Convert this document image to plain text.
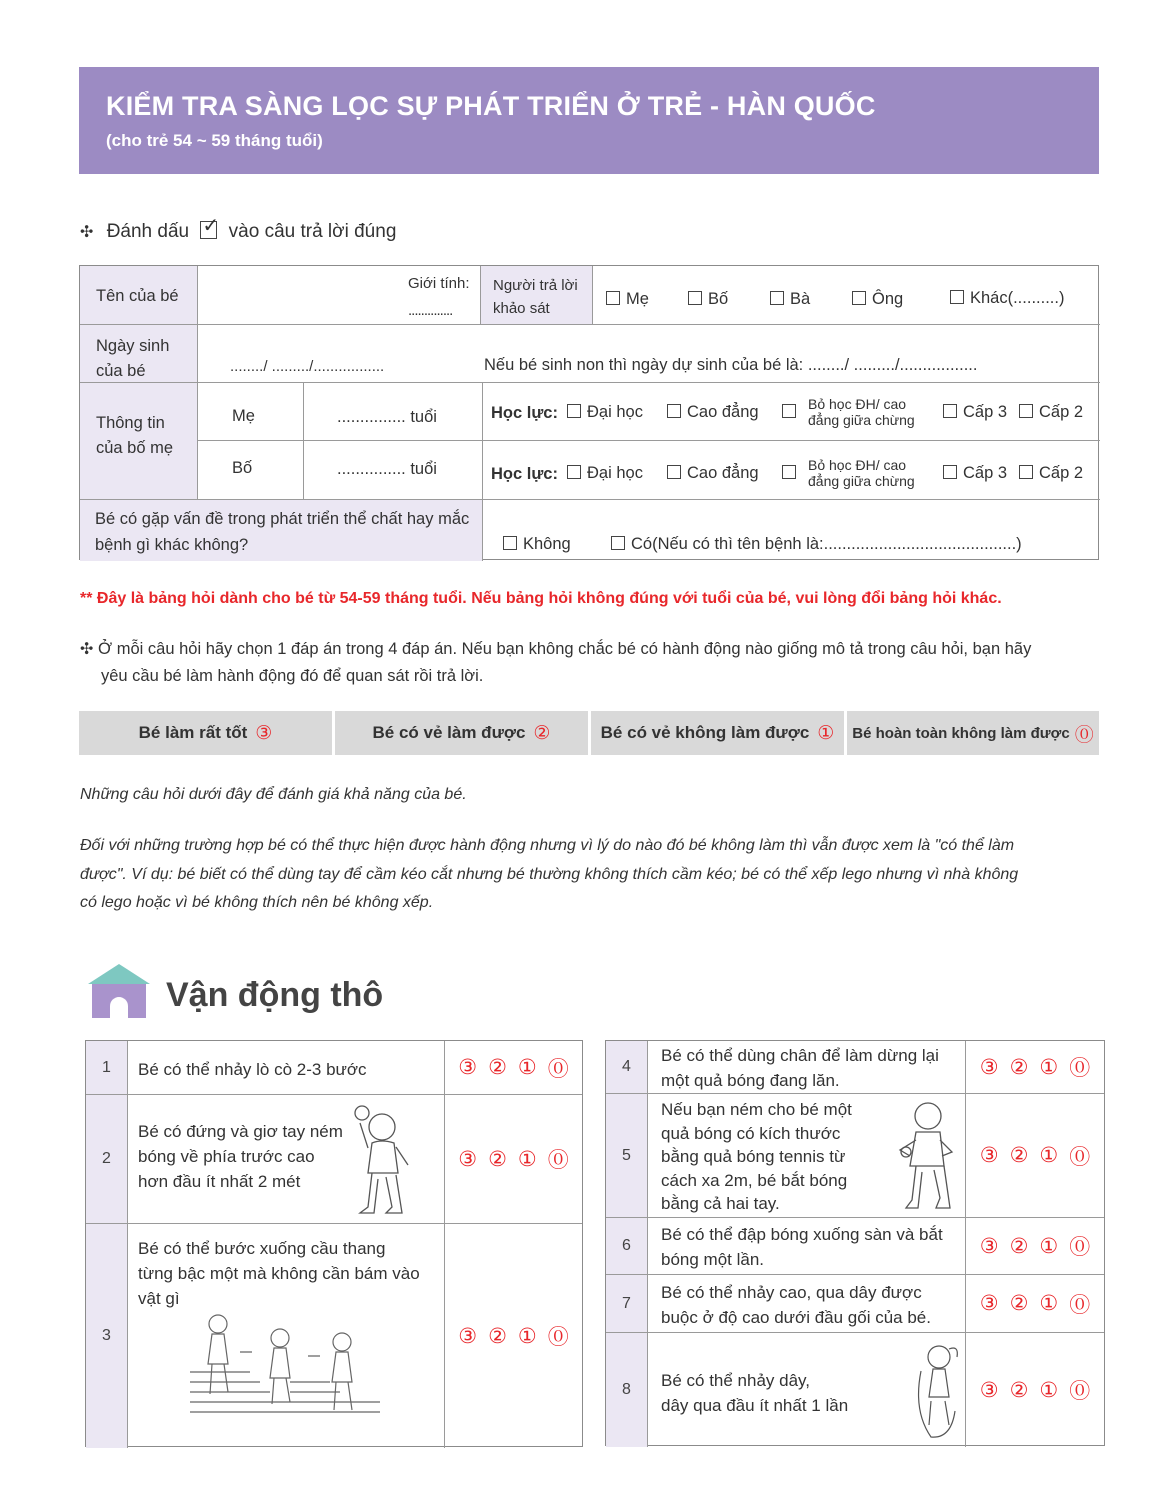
KIỂM TRA SÀNG LỌC SỰ PHÁT TRIỂN Ở TRẺ - HÀN QUỐC
(cho trẻ 54 ~ 59 tháng tuổi)
✣ Đánh dấu ✓ vào câu trả lời đúng
Tên của bé
Giới tính:
..............
Người trả lời khảo sát
Mẹ	Bố	Bà	Ông	Khác(..........)
Ngày sinh của bé	......../ ........./.................	Nếu bé sinh non thì ngày dự sinh của bé là: ......../ ........./.................
Thông tin của bố mẹ
Mẹ	............... tuổi	Học lực:	Đại học	Cao đẳng	Bỏ học ĐH/ cao đẳng giữa chừng	Cấp 3	Cấp 2
Bố	............... tuổi	Học lực:	Đại học	Cao đẳng	Bỏ học ĐH/ cao đẳng giữa chừng	Cấp 3	Cấp 2
Bé có gặp vấn đề trong phát triển thể chất hay mắc bệnh gì khác không?	Không	Có(Nếu có thì tên bệnh là:..........................................)
** Đây là bảng hỏi dành cho bé từ 54-59 tháng tuổi. Nếu bảng hỏi không đúng với tuổi của bé, vui lòng đổi bảng hỏi khác.
✣ Ở mỗi câu hỏi hãy chọn 1 đáp án trong 4 đáp án. Nếu bạn không chắc bé có hành động nào giống mô tả trong câu hỏi, bạn hãy
yêu cầu bé làm hành động đó để quan sát rồi trả lời.
Bé làm rất tốt ③	Bé có vẻ làm được ②	Bé có vẻ không làm được ① Bé hoàn toàn không làm được ⓪
Những câu hỏi dưới đây để đánh giá khả năng của bé.
Đối với những trường hợp bé có thể thực hiện được hành động nhưng vì lý do nào đó bé không làm thì vẫn được xem là "có thể làm
được". Ví dụ: bé biết có thể dùng tay để cầm kéo cắt nhưng bé thường không thích cầm kéo; bé có thể xếp lego nhưng vì nhà không
có lego hoặc vì bé không thích nên bé không xếp.
Vận động thô
1	Bé có thể nhảy lò cò 2-3 bước	③ ② ① ⓪
2
Bé có đứng và giơ tay ném
bóng về phía trước cao
hơn đầu ít nhất 2 mét
③ ② ① ⓪
3
Bé có thể bước xuống cầu thang
từng bậc một mà không cần bám vào
vật gì
③ ② ① ⓪
4
Bé có thể dùng chân để làm dừng lại
một quả bóng đang lăn.
③ ② ① ⓪
5
Nếu bạn ném cho bé một
quả bóng có kích thước
bằng quả bóng tennis từ
cách xa 2m, bé bắt bóng
bằng cả hai tay.
③ ② ① ⓪
6
Bé có thể đập bóng xuống sàn và bắt
bóng một lần.
③ ② ① ⓪
7
Bé có thể nhảy cao, qua dây được
buộc ở độ cao dưới đầu gối của bé.
③ ② ① ⓪
8	Bé có thể nhảy dây,
dây qua đầu ít nhất 1 lần
③ ② ① ⓪
